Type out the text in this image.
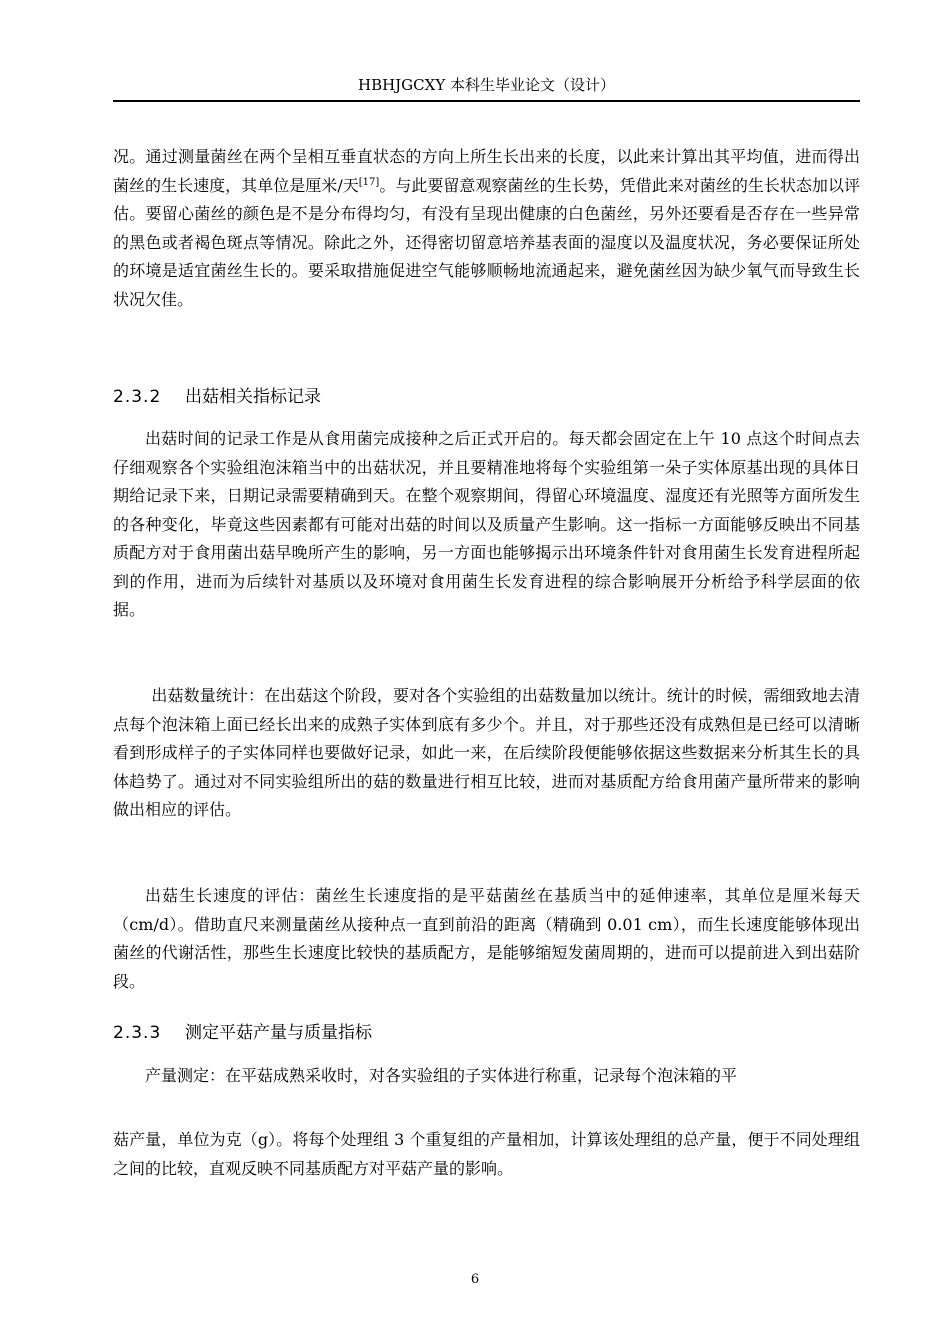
HBHJGCXY 本科生毕业论文（设计）

况。通过测量菌丝在两个呈相互垂直状态的方向上所生长出来的长度，以此来计算出其平均值，进而得出菌丝的生长速度，其单位是厘米/天[17]。与此要留意观察菌丝的生长势，凭借此来对菌丝的生长状态加以评估。要留心菌丝的颜色是不是分布得均匀，有没有呈现出健康的白色菌丝，另外还要看是否存在一些异常的黑色或者褐色斑点等情况。除此之外，还得密切留意培养基表面的湿度以及温度状况，务必要保证所处的环境是适宜菌丝生长的。要采取措施促进空气能够顺畅地流通起来，避免菌丝因为缺少氧气而导致生长状况欠佳。

2.3.2 出菇相关指标记录

出菇时间的记录工作是从食用菌完成接种之后正式开启的。每天都会固定在上午 10 点这个时间点去仔细观察各个实验组泡沫箱当中的出菇状况，并且要精准地将每个实验组第一朵子实体原基出现的具体日期给记录下来，日期记录需要精确到天。在整个观察期间，得留心环境温度、湿度还有光照等方面所发生的各种变化，毕竟这些因素都有可能对出菇的时间以及质量产生影响。这一指标一方面能够反映出不同基质配方对于食用菌出菇早晚所产生的影响，另一方面也能够揭示出环境条件针对食用菌生长发育进程所起到的作用，进而为后续针对基质以及环境对食用菌生长发育进程的综合影响展开分析给予科学层面的依据。

出菇数量统计：在出菇这个阶段，要对各个实验组的出菇数量加以统计。统计的时候，需细致地去清点每个泡沫箱上面已经长出来的成熟子实体到底有多少个。并且，对于那些还没有成熟但是已经可以清晰看到形成样子的子实体同样也要做好记录，如此一来，在后续阶段便能够依据这些数据来分析其生长的具体趋势了。通过对不同实验组所出的菇的数量进行相互比较，进而对基质配方给食用菌产量所带来的影响做出相应的评估。

出菇生长速度的评估：菌丝生长速度指的是平菇菌丝在基质当中的延伸速率，其单位是厘米每天（cm/d）。借助直尺来测量菌丝从接种点一直到前沿的距离（精确到 0.01 cm），而生长速度能够体现出菌丝的代谢活性，那些生长速度比较快的基质配方，是能够缩短发菌周期的，进而可以提前进入到出菇阶段。

2.3.3 测定平菇产量与质量指标

产量测定：在平菇成熟采收时，对各实验组的子实体进行称重，记录每个泡沫箱的平

菇产量，单位为克（g）。将每个处理组 3 个重复组的产量相加，计算该处理组的总产量，便于不同处理组之间的比较，直观反映不同基质配方对平菇产量的影响。

6
